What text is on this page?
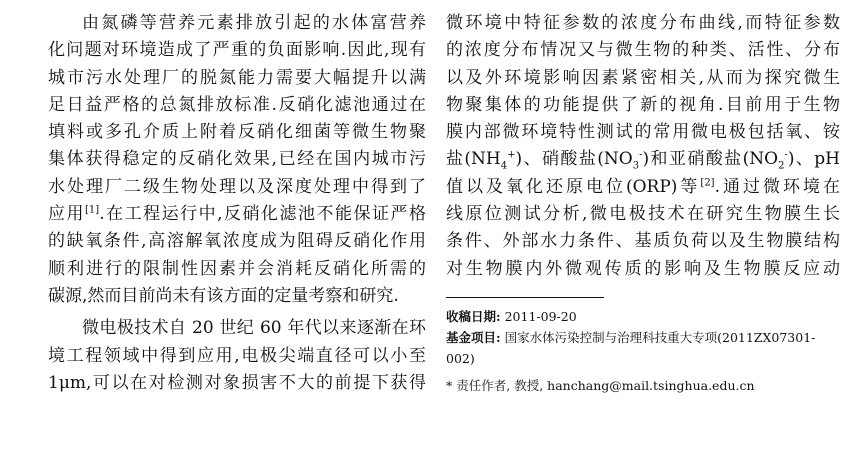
由氮磷等营养元素排放引起的水体富营养
化问题对环境造成了严重的负面影响.因此,现有
城市污水处理厂的脱氮能力需要大幅提升以满
足日益严格的总氮排放标准.反硝化滤池通过在
填料或多孔介质上附着反硝化细菌等微生物聚
集体获得稳定的反硝化效果,已经在国内城市污
水处理厂二级生物处理以及深度处理中得到了
应用[1].在工程运行中,反硝化滤池不能保证严格
的缺氧条件,高溶解氧浓度成为阻碍反硝化作用
顺利进行的限制性因素并会消耗反硝化所需的
碳源,然而目前尚未有该方面的定量考察和研究.
微电极技术自 20 世纪 60 年代以来逐渐在环
境工程领域中得到应用,电极尖端直径可以小至
1μm,可以在对检测对象损害不大的前提下获得
微环境中特征参数的浓度分布曲线,而特征参数
的浓度分布情况又与微生物的种类、活性、分布
以及外环境影响因素紧密相关,从而为探究微生
物聚集体的功能提供了新的视角.目前用于生物
膜内部微环境特性测试的常用微电极包括氧、铵
盐$(NH_4^+)$、硝酸盐$(NO_3^-)$和亚硝酸盐$(NO_2^-)$、pH
值以及氧化还原电位(ORP)等[2].通过微环境在
线原位测试分析,微电极技术在研究生物膜生长
条件、外部水力条件、基质负荷以及生物膜结构
对生物膜内外微观传质的影响及生物膜反应动
收稿日期: 2011-09-20
基金项目: 国家水体污染控制与治理科技重大专项(2011ZX07301-
002)
* 责任作者, 教授, hanchang@mail.tsinghua.edu.cn
